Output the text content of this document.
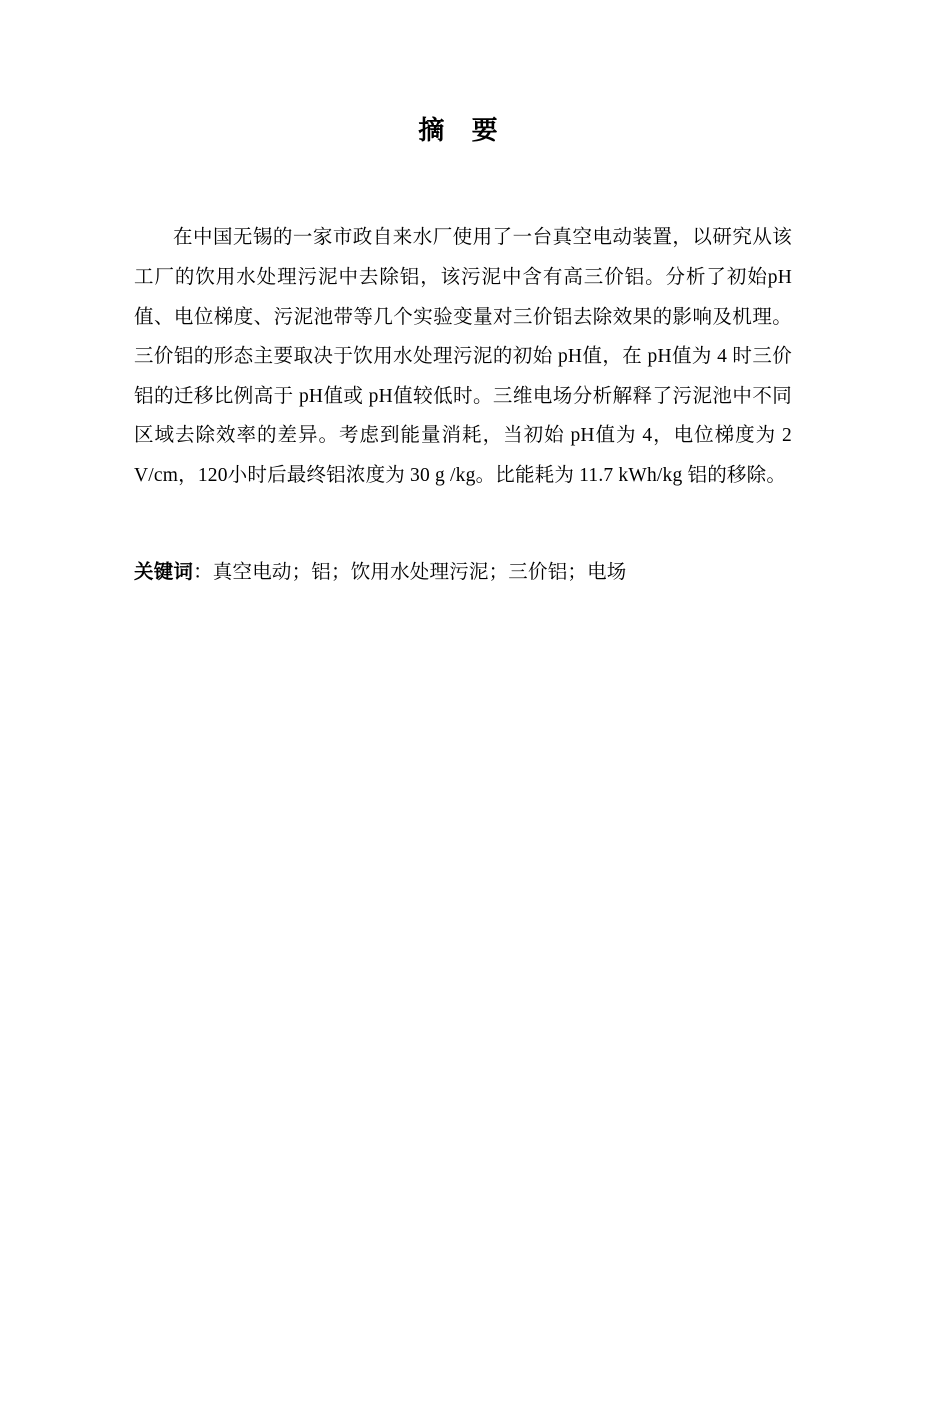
摘 要

在中国无锡的一家市政自来水厂使用了一台真空电动装置，以研究从该工厂的饮用水处理污泥中去除铝，该污泥中含有高三价铝。分析了初始pH值、电位梯度、污泥池带等几个实验变量对三价铝去除效果的影响及机理。三价铝的形态主要取决于饮用水处理污泥的初始 pH值，在 pH值为 4 时三价铝的迁移比例高于 pH值或 pH值较低时。三维电场分析解释了污泥池中不同区域去除效率的差异。考虑到能量消耗，当初始 pH值为 4，电位梯度为 2 V/cm，120小时后最终铝浓度为 30 g /kg。比能耗为 11.7 kWh/kg 铝的移除。

关键词：真空电动；铝；饮用水处理污泥；三价铝；电场
